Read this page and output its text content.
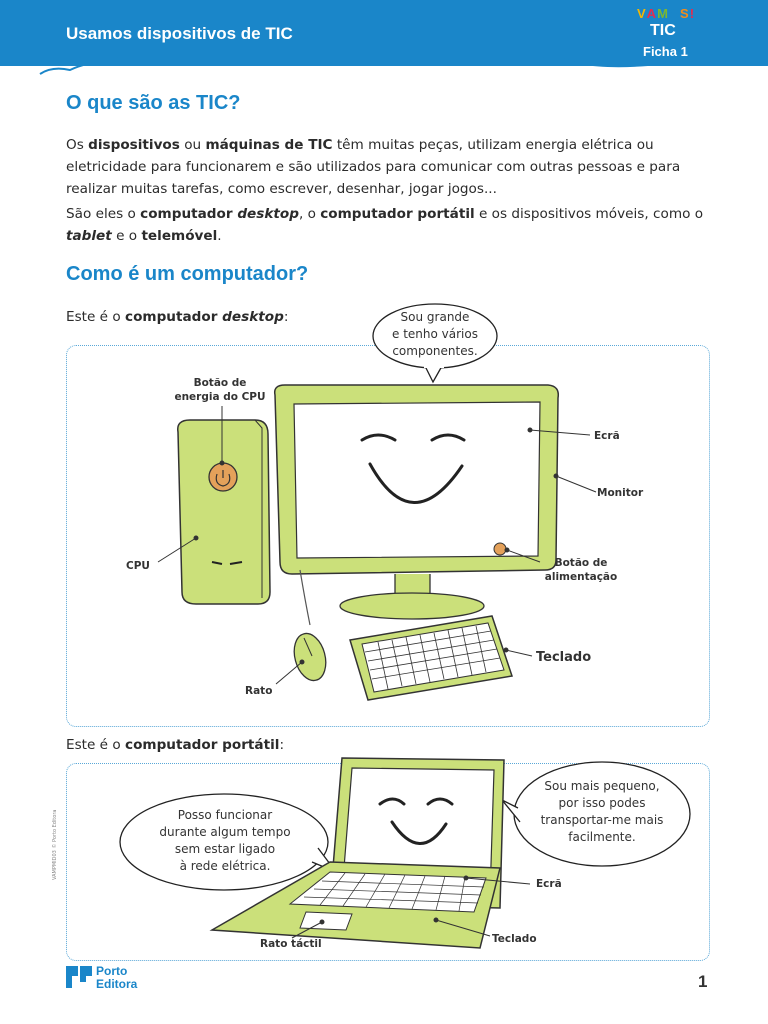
Usamos dispositivos de TIC
VAMOS!
TIC
Ficha 1
O que são as TIC?

Os dispositivos ou máquinas de TIC têm muitas peças, utilizam energia elétrica ou eletricidade para funcionarem e são utilizados para comunicar com outras pessoas e para realizar muitas tarefas, como escrever, desenhar, jogar jogos...

São eles o computador desktop, o computador portátil e os dispositivos móveis, como o tablet e o telemóvel.

Como é um computador?
Este é o computador desktop:	Sou grande
e tenho vários
componentes.
Botão de
energia do CPU
Ecrã
Monitor
CPU	Botão de
alimentação
Teclado
Rato
Este é o computador portátil:
Posso funcionar
durante algum tempo
sem estar ligado
à rede elétrica.
Sou mais pequeno,
por isso podes
transportar-me mais
facilmente.
Ecrã
Rato táctil	Teclado
VAMPMID03 © Porto Editora
Porto
Editora	1
